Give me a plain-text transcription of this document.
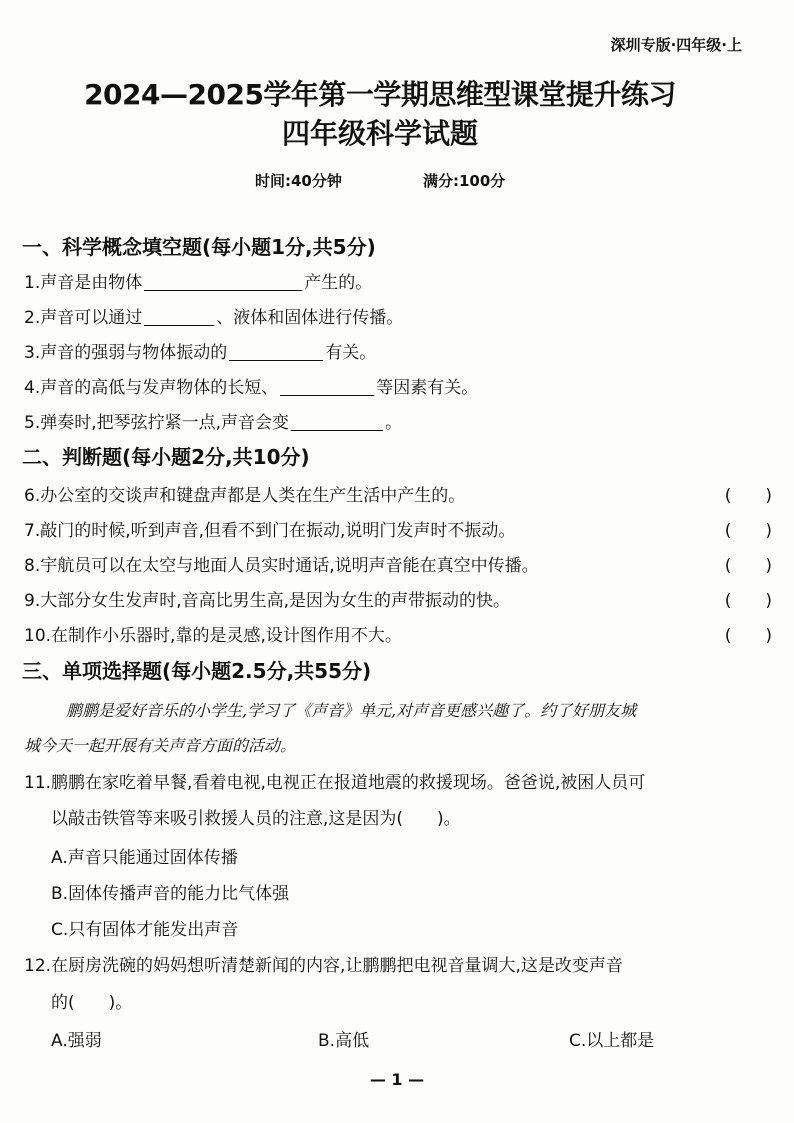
深圳专版·四年级·上
2024—2025学年第一学期思维型课堂提升练习
四年级科学试题
时间:40分钟	满分:100分
一、科学概念填空题(每小题1分,共5分)
1.声音是由物体	产生的。
2.声音可以通过	、液体和固体进行传播。
3.声音的强弱与物体振动的	有关。
4.声音的高低与发声物体的长短、	等因素有关。
5.弹奏时,把琴弦拧紧一点,声音会变	。
二、判断题(每小题2分,共10分)
6.办公室的交谈声和键盘声都是人类在生产生活中产生的。	(　　)
7.敲门的时候,听到声音,但看不到门在振动,说明门发声时不振动。	(　　)
8.宇航员可以在太空与地面人员实时通话,说明声音能在真空中传播。	(　　)
9.大部分女生发声时,音高比男生高,是因为女生的声带振动的快。	(　　)
10.在制作小乐器时,靠的是灵感,设计图作用不大。	(　　)
三、单项选择题(每小题2.5分,共55分)
鹏鹏是爱好音乐的小学生,学习了《声音》单元,对声音更感兴趣了。约了好朋友城
城今天一起开展有关声音方面的活动。
11.鹏鹏在家吃着早餐,看着电视,电视正在报道地震的救援现场。爸爸说,被困人员可
以敲击铁管等来吸引救援人员的注意,这是因为(　　)。
A.声音只能通过固体传播
B.固体传播声音的能力比气体强
C.只有固体才能发出声音
12.在厨房洗碗的妈妈想听清楚新闻的内容,让鹏鹏把电视音量调大,这是改变声音
的(　　)。
A.强弱	B.高低	C.以上都是
— 1 —
